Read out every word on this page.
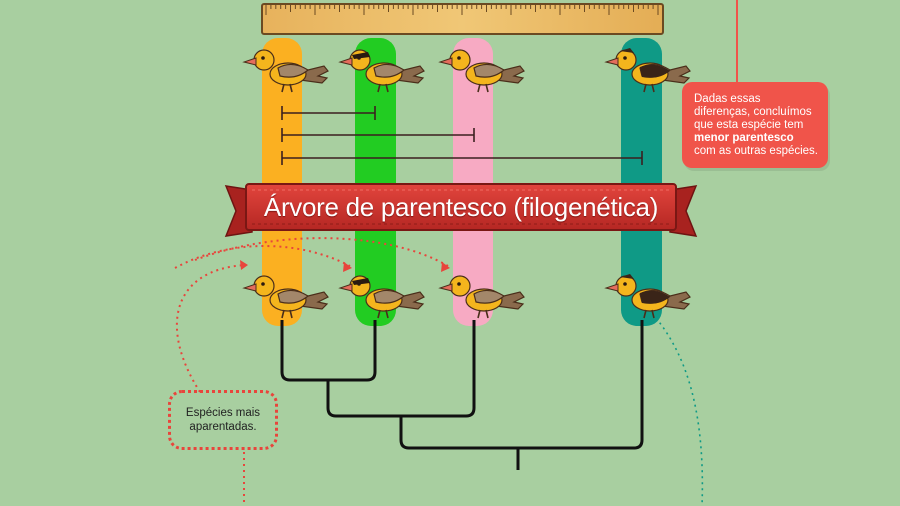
Árvore de parentesco (filogenética)
Dadas essas diferenças, concluímos que esta espécie tem menor parentesco com as outras espécies.
Espécies mais aparentadas.
